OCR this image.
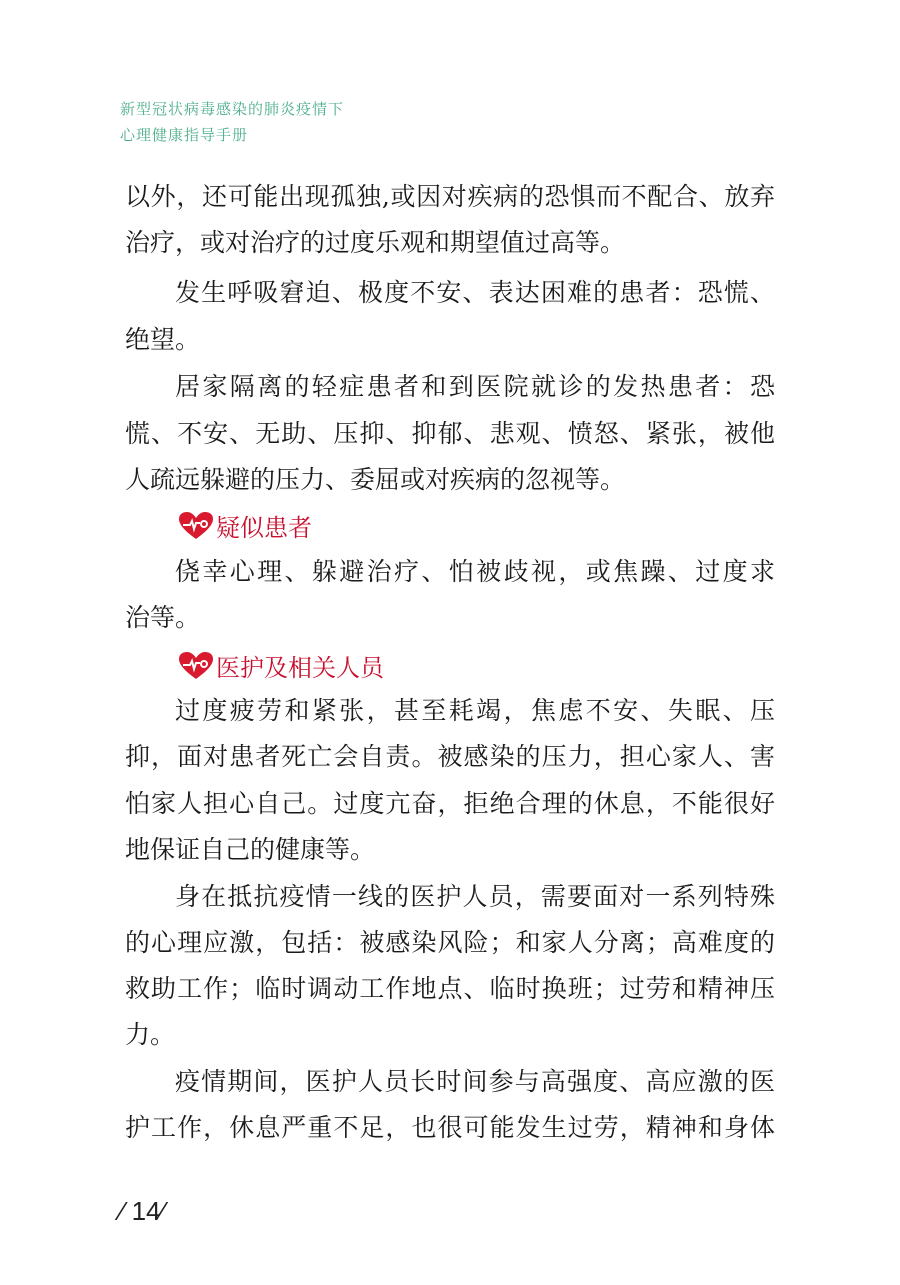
新型冠状病毒感染的肺炎疫情下
心理健康指导手册
以外，还可能出现孤独,或因对疾病的恐惧而不配合、放弃
治疗，或对治疗的过度乐观和期望值过高等。
发生呼吸窘迫、极度不安、表达困难的患者：恐慌、
绝望。
居家隔离的轻症患者和到医院就诊的发热患者：恐
慌、不安、无助、压抑、抑郁、悲观、愤怒、紧张，被他
人疏远躲避的压力、委屈或对疾病的忽视等。
侥幸心理、躲避治疗、怕被歧视，或焦躁、过度求
治等。
过度疲劳和紧张，甚至耗竭，焦虑不安、失眠、压
抑，面对患者死亡会自责。被感染的压力，担心家人、害
怕家人担心自己。过度亢奋，拒绝合理的休息，不能很好
地保证自己的健康等。
身在抵抗疫情一线的医护人员，需要面对一系列特殊
的心理应激，包括：被感染风险；和家人分离；高难度的
救助工作；临时调动工作地点、临时换班；过劳和精神压
力。
疫情期间，医护人员长时间参与高强度、高应激的医
护工作，休息严重不足，也很可能发生过劳，精神和身体
疑似患者
医护及相关人员
⁄ 14⁄
